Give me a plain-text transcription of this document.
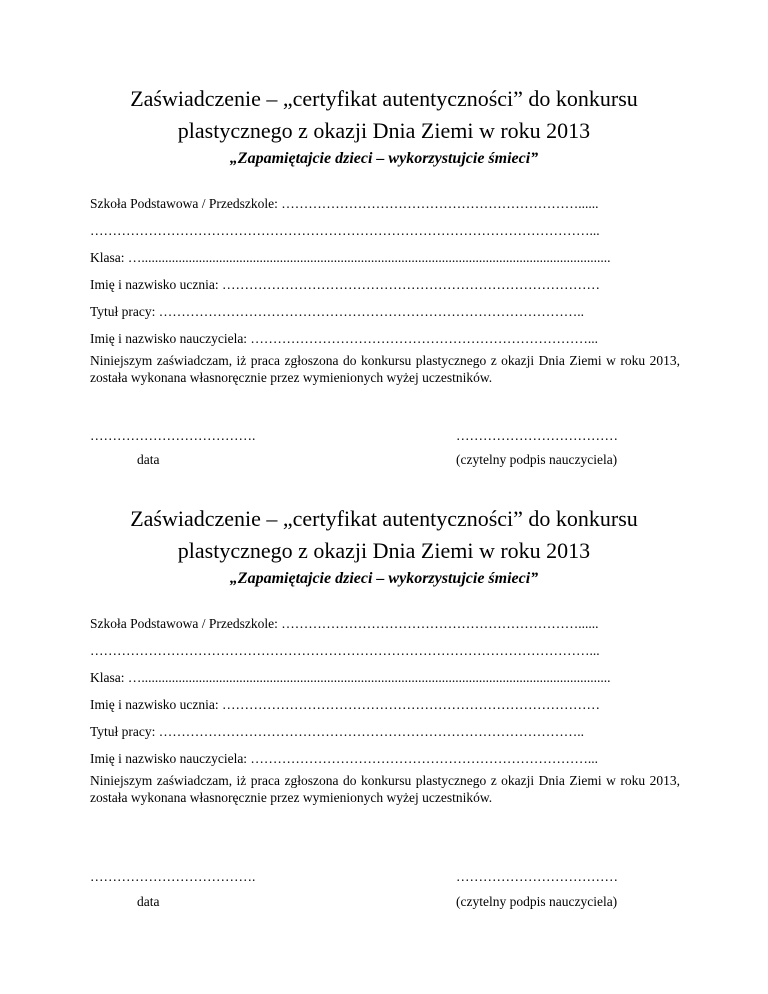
Zaświadczenie – „certyfikat autentyczności” do konkursu
plastycznego z okazji Dnia Ziemi w roku 2013
„Zapamiętajcie dzieci – wykorzystujcie śmieci”
Szkoła Podstawowa / Przedszkole: …………………………………………………………......
…………………………………………………………………………………………………...
Klasa: …...........................................................................................................................................
Imię i nazwisko ucznia: …………………………………………………………………………
Tytuł pracy: …………………………………………………………………………………..
Imię i nazwisko nauczyciela: …………………………………………………………………...
Niniejszym zaświadczam, iż praca zgłoszona do konkursu plastycznego z okazji Dnia Ziemi w roku 2013, została wykonana własnoręcznie przez wymienionych wyżej uczestników.
……………………………….	………………………………
data	(czytelny podpis nauczyciela)
Zaświadczenie – „certyfikat autentyczności” do konkursu
plastycznego z okazji Dnia Ziemi w roku 2013
„Zapamiętajcie dzieci – wykorzystujcie śmieci”
Szkoła Podstawowa / Przedszkole: …………………………………………………………......
…………………………………………………………………………………………………...
Klasa: …...........................................................................................................................................
Imię i nazwisko ucznia: …………………………………………………………………………
Tytuł pracy: …………………………………………………………………………………..
Imię i nazwisko nauczyciela: …………………………………………………………………...
Niniejszym zaświadczam, iż praca zgłoszona do konkursu plastycznego z okazji Dnia Ziemi w roku 2013, została wykonana własnoręcznie przez wymienionych wyżej uczestników.
……………………………….	………………………………
data	(czytelny podpis nauczyciela)
